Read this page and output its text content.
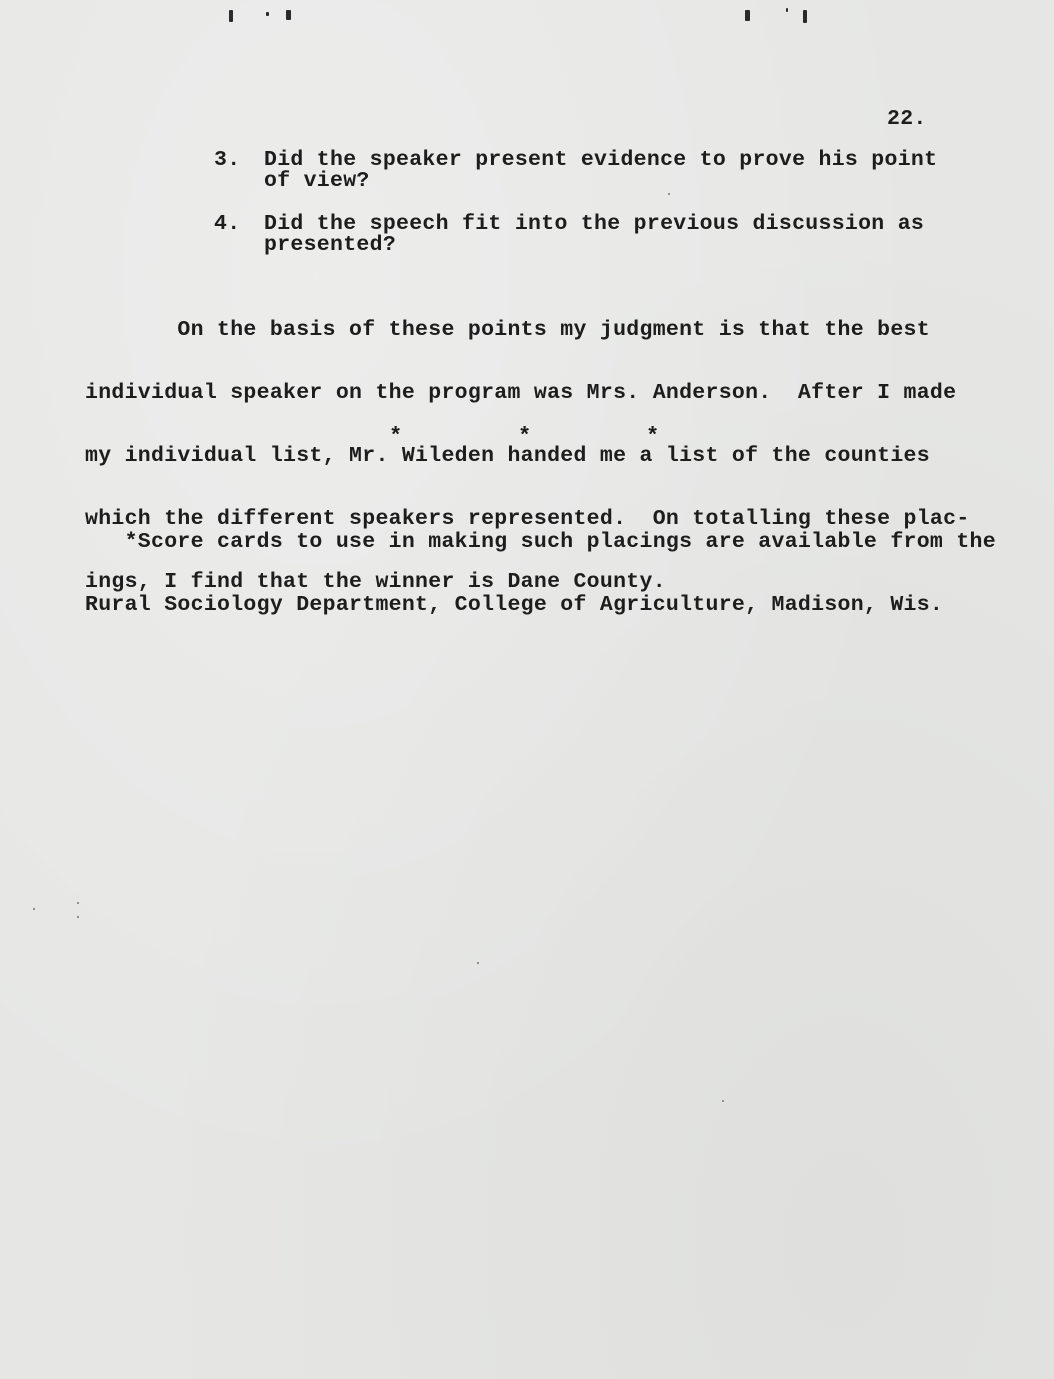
22.
3. Did the speaker present evidence to prove his point
of view?
4. Did the speech fit into the previous discussion as
presented?

On the basis of these points my judgment is that the best

individual speaker on the program was Mrs. Anderson.  After I made

my individual list, Mr. Wileden handed me a list of the counties

which the different speakers represented.  On totalling these plac-

ings, I find that the winner is Dane County.

*	*	*

*Score cards to use in making such placings are available from the

Rural Sociology Department, College of Agriculture, Madison, Wis.
